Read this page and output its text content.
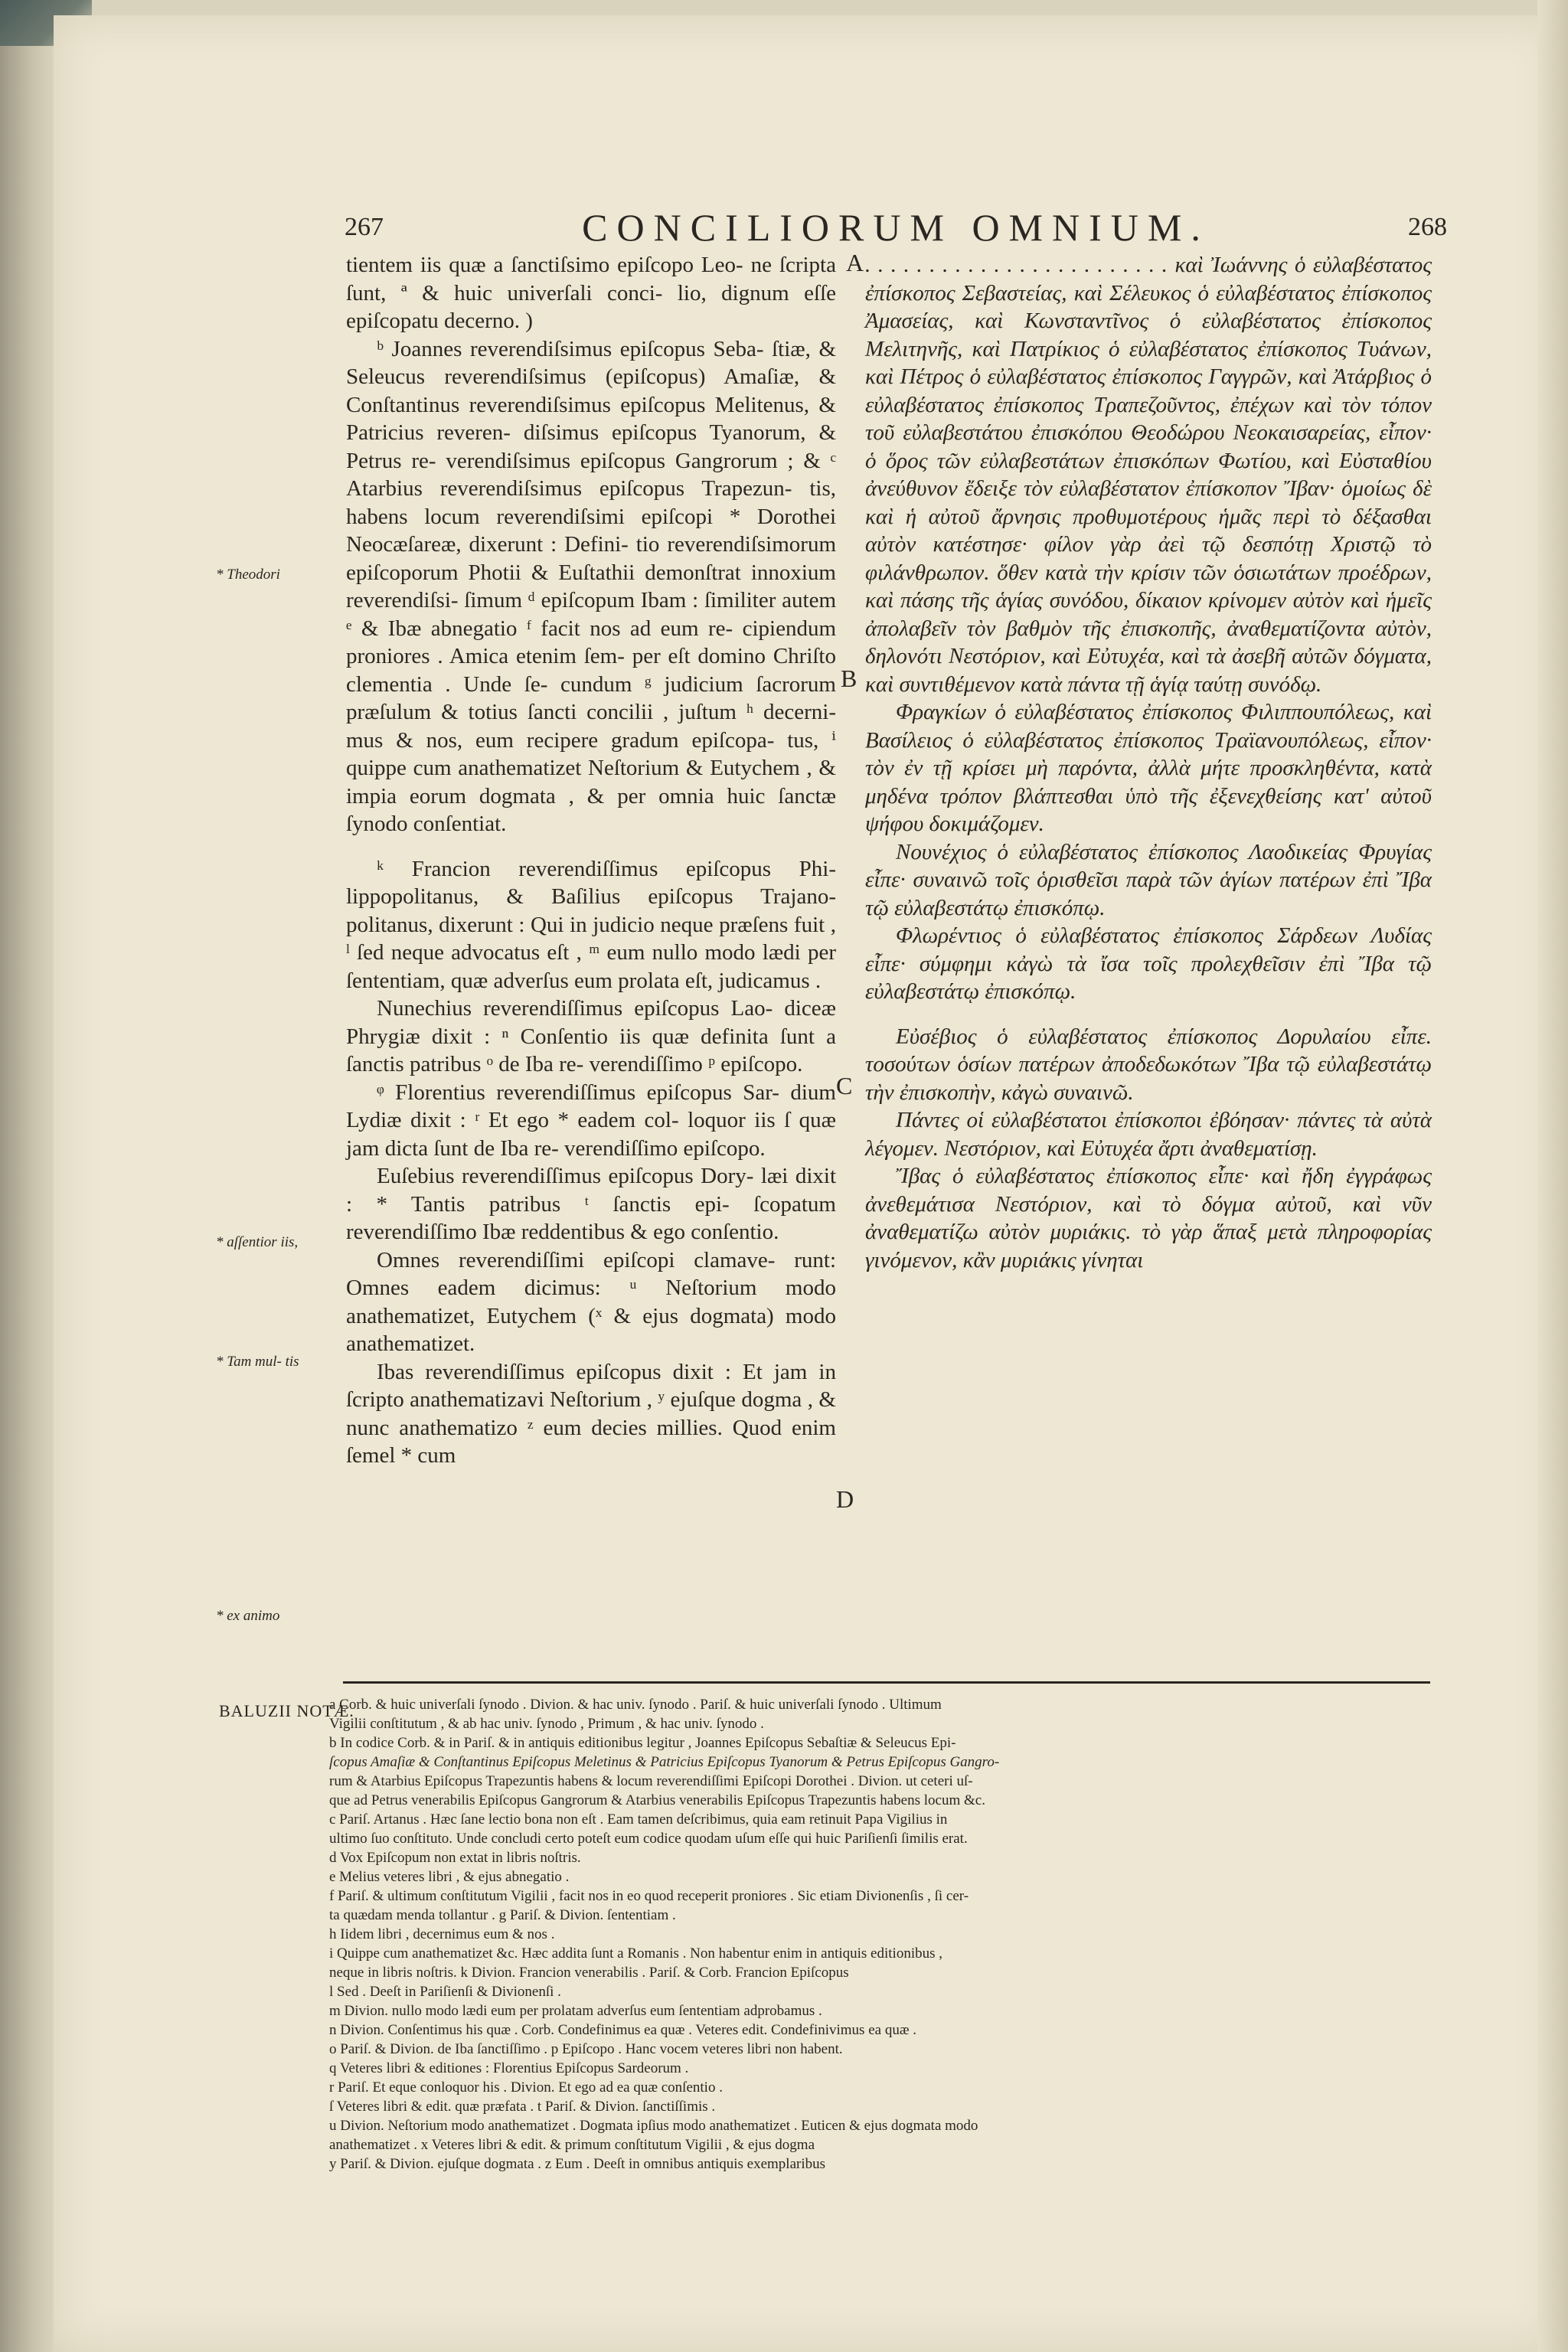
267	CONCILIORUM OMNIUM.	268

tientem iis quæ a ſanctiſsimo epiſcopo Leo- ne ſcripta ſunt, ª & huic univerſali conci- lio, dignum eſſe epiſcopatu decerno. )

ᵇ Joannes reverendiſsimus epiſcopus Seba- ſtiæ, & Seleucus reverendiſsimus (epiſcopus) Amaſiæ, & Conſtantinus reverendiſsimus epiſcopus Melitenus, & Patricius reveren- diſsimus epiſcopus Tyanorum, & Petrus re- verendiſsimus epiſcopus Gangrorum ; & ᶜ Atarbius reverendiſsimus epiſcopus Trapezun- tis, habens locum reverendiſsimi epiſcopi * Dorothei Neocæſareæ, dixerunt : Defini- tio reverendiſsimorum epiſcoporum Photii & Euſtathii demonſtrat innoxium reverendiſsi- ſimum ᵈ epiſcopum Ibam : ſimiliter autem ᵉ & Ibæ abnegatio ᶠ facit nos ad eum re- cipiendum proniores . Amica etenim ſem- per eſt domino Chriſto clementia . Unde ſe- cundum ᵍ judicium ſacrorum præſulum & totius ſancti concilii , juſtum ʰ decerni- mus & nos, eum recipere gradum epiſcopa- tus, ⁱ quippe cum anathematizet Neſtorium & Eutychem , & impia eorum dogmata , & per omnia huic ſanctæ ſynodo conſentiat.

ᵏ Francion reverendiſſimus epiſcopus Phi- lippopolitanus, & Baſilius epiſcopus Trajano- politanus, dixerunt : Qui in judicio neque præſens fuit , ˡ ſed neque advocatus eſt , ᵐ eum nullo modo lædi per ſententiam, quæ adverſus eum prolata eſt, judicamus .

Nunechius reverendiſſimus epiſcopus Lao- diceæ Phrygiæ dixit : ⁿ Conſentio iis quæ definita ſunt a ſanctis patribus ᵒ de Iba re- verendiſſimo ᵖ epiſcopo.

ᵠ Florentius reverendiſſimus epiſcopus Sar- dium Lydiæ dixit : ʳ Et ego * eadem col- loquor iis ſ quæ jam dicta ſunt de Iba re- verendiſſimo epiſcopo.

Euſebius reverendiſſimus epiſcopus Dory- læi dixit : * Tantis patribus ᵗ ſanctis epi- ſcopatum reverendiſſimo Ibæ reddentibus & ego conſentio.

Omnes reverendiſſimi epiſcopi clamave- runt: Omnes eadem dicimus: ᵘ Neſtorium modo anathematizet, Eutychem (ˣ & ejus dogmata) modo anathematizet.

Ibas reverendiſſimus epiſcopus dixit : Et jam in ſcripto anathematizavi Neſtorium , ʸ ejuſque dogma , & nunc anathematizo ᶻ eum decies millies. Quod enim ſemel * cum

. . . . . . . . . . . . . . . . . . . . . . . . καὶ Ἰωάννης ὁ εὐλαβέστατος ἐπίσκοπος Σεβαστείας, καὶ Σέλευκος ὁ εὐλαβέστατος ἐπίσκοπος Ἀμασείας, καὶ Κωνσταντῖνος ὁ εὐλαβέστατος ἐπίσκοπος Μελιτηνῆς, καὶ Πατρίκιος ὁ εὐλαβέστατος ἐπίσκοπος Τυάνων, καὶ Πέτρος ὁ εὐλαβέστατος ἐπίσκοπος Γαγγρῶν, καὶ Ἀτάρβιος ὁ εὐλαβέστατος ἐπίσκοπος Τραπεζοῦντος, ἐπέχων καὶ τὸν τόπον τοῦ εὐλαβεστάτου ἐπισκόπου Θεοδώρου Νεοκαισαρείας, εἶπον· ὁ ὅρος τῶν εὐλαβεστάτων ἐπισκόπων Φωτίου, καὶ Εὐσταθίου ἀνεύθυνον ἔδειξε τὸν εὐλαβέστατον ἐπίσκοπον Ἴβαν· ὁμοίως δὲ καὶ ἡ αὐτοῦ ἄρνησις προθυμοτέρους ἡμᾶς περὶ τὸ δέξασθαι αὐτὸν κατέστησε· φίλον γὰρ ἀεὶ τῷ δεσπότῃ Χριστῷ τὸ φιλάνθρωπον. ὅθεν κατὰ τὴν κρίσιν τῶν ὁσιωτάτων προέδρων, καὶ πάσης τῆς ἁγίας συνόδου, δίκαιον κρίνομεν αὐτὸν καὶ ἡμεῖς ἀπολαβεῖν τὸν βαθμὸν τῆς ἐπισκοπῆς, ἀναθεματίζοντα αὐτὸν, δηλονότι Νεστόριον, καὶ Εὐτυχέα, καὶ τὰ ἀσεβῆ αὐτῶν δόγματα, καὶ συντιθέμενον κατὰ πάντα τῇ ἁγίᾳ ταύτῃ συνόδῳ.

Φραγκίων ὁ εὐλαβέστατος ἐπίσκοπος Φιλιππουπόλεως, καὶ Βασίλειος ὁ εὐλαβέστατος ἐπίσκοπος Τραϊανουπόλεως, εἶπον· τὸν ἐν τῇ κρίσει μὴ παρόντα, ἀλλὰ μήτε προσκληθέντα, κατὰ μηδένα τρόπον βλάπτεσθαι ὑπὸ τῆς ἐξενεχθείσης κατ' αὐτοῦ ψήφου δοκιμάζομεν.

Νουνέχιος ὁ εὐλαβέστατος ἐπίσκοπος Λαοδικείας Φρυγίας εἶπε· συναινῶ τοῖς ὁρισθεῖσι παρὰ τῶν ἁγίων πατέρων ἐπὶ Ἴβα τῷ εὐλαβεστάτῳ ἐπισκόπῳ.

Φλωρέντιος ὁ εὐλαβέστατος ἐπίσκοπος Σάρδεων Λυδίας εἶπε· σύμφημι κἀγὼ τὰ ἴσα τοῖς προλεχθεῖσιν ἐπὶ Ἴβα τῷ εὐλαβεστάτῳ ἐπισκόπῳ.

Εὐσέβιος ὁ εὐλαβέστατος ἐπίσκοπος Δορυλαίου εἶπε. τοσούτων ὁσίων πατέρων ἀποδεδωκότων Ἴβα τῷ εὐλαβεστάτῳ τὴν ἐπισκοπὴν, κἀγὼ συναινῶ.

Πάντες οἱ εὐλαβέστατοι ἐπίσκοποι ἐβόησαν· πάντες τὰ αὐτὰ λέγομεν. Νεστόριον, καὶ Εὐτυχέα ἄρτι ἀναθεματίσῃ.

Ἴβας ὁ εὐλαβέστατος ἐπίσκοπος εἶπε· καὶ ἤδη ἐγγράφως ἀνεθεμάτισα Νεστόριον, καὶ τὸ δόγμα αὐτοῦ, καὶ νῦν ἀναθεματίζω αὐτὸν μυριάκις. τὸ γὰρ ἅπαξ μετὰ πληροφορίας γινόμενον, κἂν μυριάκις γίνηται

A
B
C
D
* Theodori
* aſſentior iis,
* Tam mul- tis
* ex animo
BALUZII NOTÆ.
a Corb. & huic univerſali ſynodo . Divion. & hac univ. ſynodo . Pariſ. & huic univerſali ſynodo . Ultimum
Vigilii conſtitutum , & ab hac univ. ſynodo , Primum , & hac univ. ſynodo .
b In codice Corb. & in Pariſ. & in antiquis editionibus legitur , Joannes Epiſcopus Sebaſtiæ & Seleucus Epi-
ſcopus Amaſiæ & Conſtantinus Epiſcopus Meletinus & Patricius Epiſcopus Tyanorum & Petrus Epiſcopus Gangro-
rum & Atarbius Epiſcopus Trapezuntis habens & locum reverendiſſimi Epiſcopi Dorothei . Divion. ut ceteri uſ-
que ad Petrus venerabilis Epiſcopus Gangrorum & Atarbius venerabilis Epiſcopus Trapezuntis habens locum &c.
c Pariſ. Artanus . Hæc ſane lectio bona non eſt . Eam tamen deſcribimus, quia eam retinuit Papa Vigilius in
ultimo ſuo conſtituto. Unde concludi certo poteſt eum codice quodam uſum eſſe qui huic Pariſienſi ſimilis erat.
d Vox Epiſcopum non extat in libris noſtris.
e Melius veteres libri , & ejus abnegatio .
f Pariſ. & ultimum conſtitutum Vigilii , facit nos in eo quod receperit proniores . Sic etiam Divionenſis , ſi cer-
ta quædam menda tollantur . g Pariſ. & Divion. ſententiam .
h Iidem libri , decernimus eum & nos .
i Quippe cum anathematizet &c. Hæc addita ſunt a Romanis . Non habentur enim in antiquis editionibus ,
neque in libris noſtris. k Divion. Francion venerabilis . Pariſ. & Corb. Francion Epiſcopus
l Sed . Deeſt in Pariſienſi & Divionenſi .
m Divion. nullo modo lædi eum per prolatam adverſus eum ſententiam adprobamus .
n Divion. Conſentimus his quæ . Corb. Condefinimus ea quæ . Veteres edit. Condefinivimus ea quæ .
o Pariſ. & Divion. de Iba ſanctiſſimo . p Epiſcopo . Hanc vocem veteres libri non habent.
q Veteres libri & editiones : Florentius Epiſcopus Sardeorum .
r Pariſ. Et eque conloquor his . Divion. Et ego ad ea quæ conſentio .
ſ Veteres libri & edit. quæ præfata . t Pariſ. & Divion. ſanctiſſimis .
u Divion. Neſtorium modo anathematizet . Dogmata ipſius modo anathematizet . Euticen & ejus dogmata modo
anathematizet . x Veteres libri & edit. & primum conſtitutum Vigilii , & ejus dogma
y Pariſ. & Divion. ejuſque dogmata . z Eum . Deeſt in omnibus antiquis exemplaribus
